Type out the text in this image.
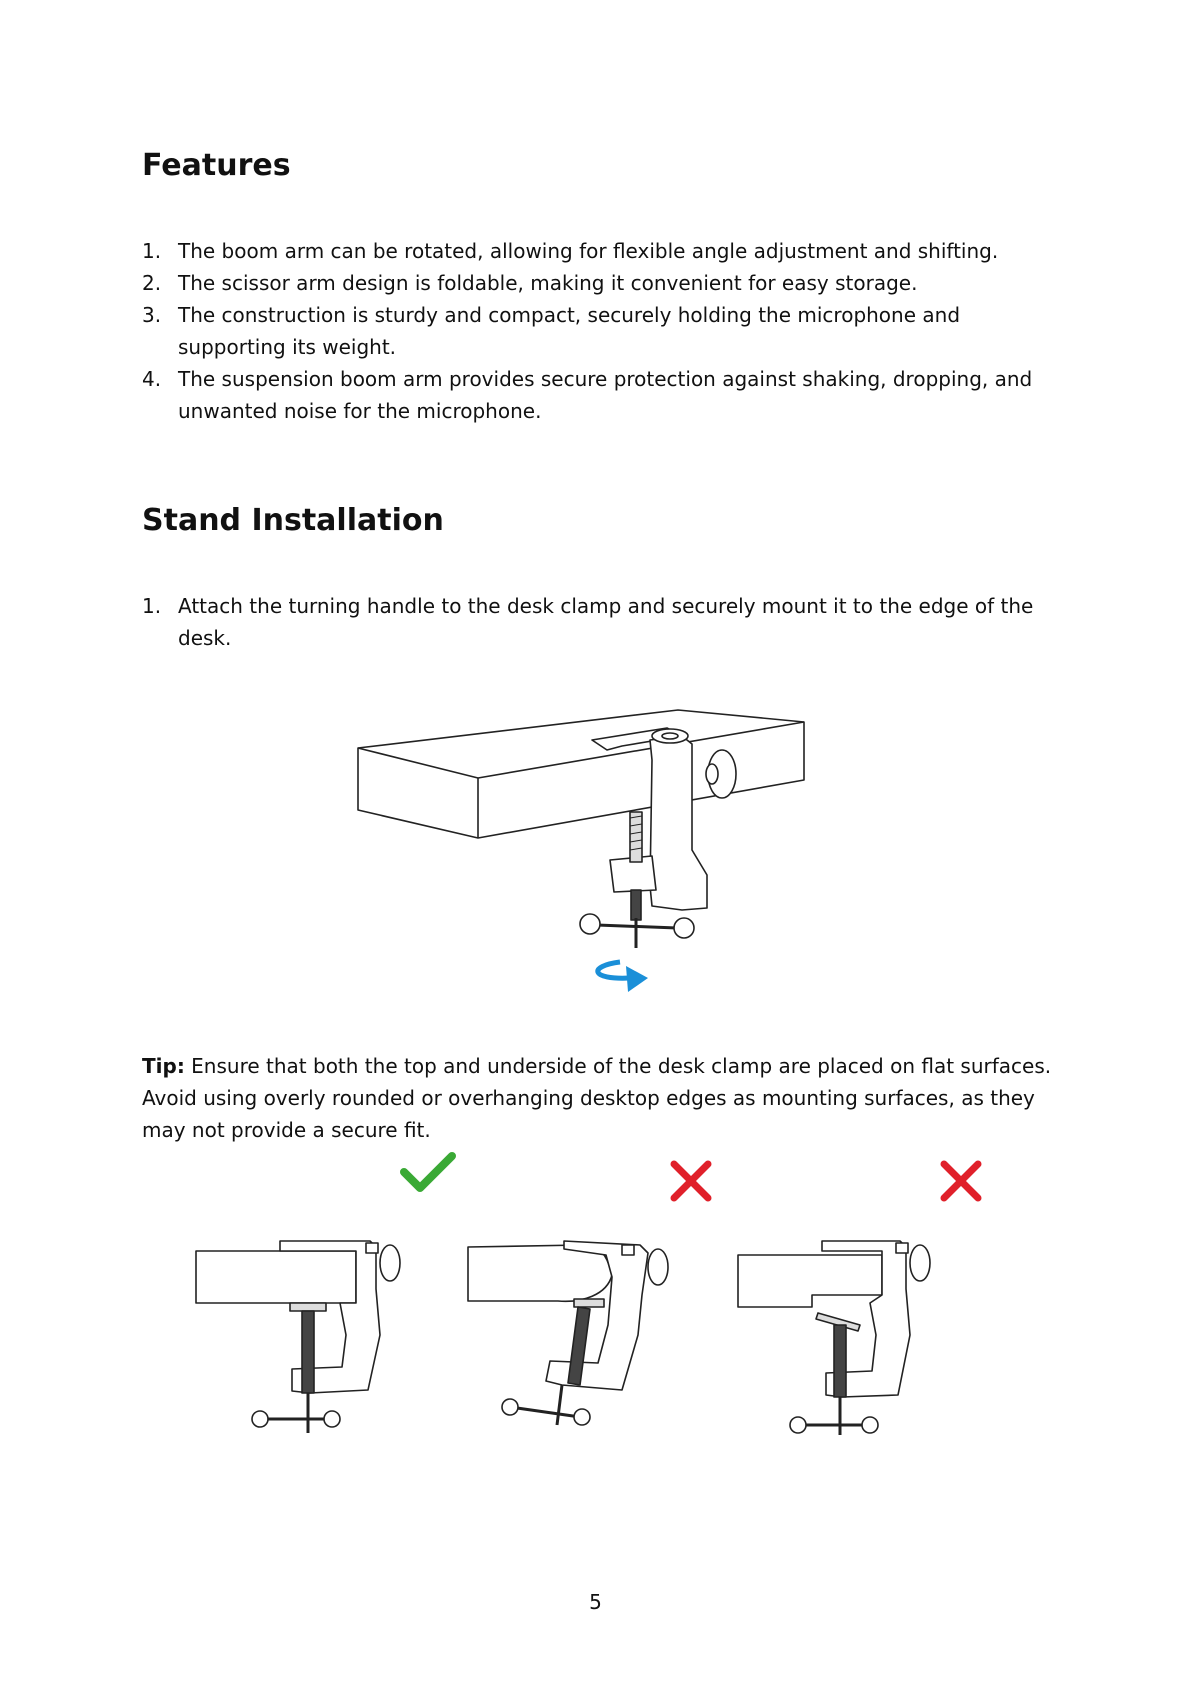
Features
1. The boom arm can be rotated, allowing for flexible angle adjustment and shifting.
2. The scissor arm design is foldable, making it convenient for easy storage.
3. The construction is sturdy and compact, securely holding the microphone and supporting its weight.
4. The suspension boom arm provides secure protection against shaking, dropping, and unwanted noise for the microphone.
Stand Installation
1. Attach the turning handle to the desk clamp and securely mount it to the edge of the desk.

Tip: Ensure that both the top and underside of the desk clamp are placed on flat surfaces. Avoid using overly rounded or overhanging desktop edges as mounting surfaces, as they may not provide a secure fit.

5
